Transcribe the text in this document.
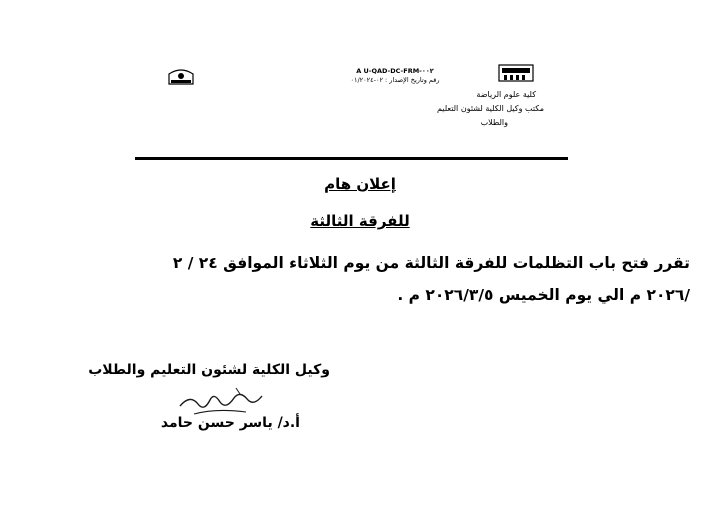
كلية علوم الرياضة
مكتب وكيل الكلية لشئون التعليم
والطلاب
A U-QAD-DC-FRM-٠٠٢
رقم وتاريخ الإصدار : ٠٢-٠١/٢٠٢٤
إعلان هام
للفرقة الثالثة
تقرر فتح باب التظلمات للفرقة الثالثة من يوم الثلاثاء الموافق ٢٤ / ٢
/٢٠٢٦ م الي يوم الخميس ٢٠٢٦/٣/٥ م .
وكيل الكلية لشئون التعليم والطلاب
أ.د/ ياسر حسن حامد
